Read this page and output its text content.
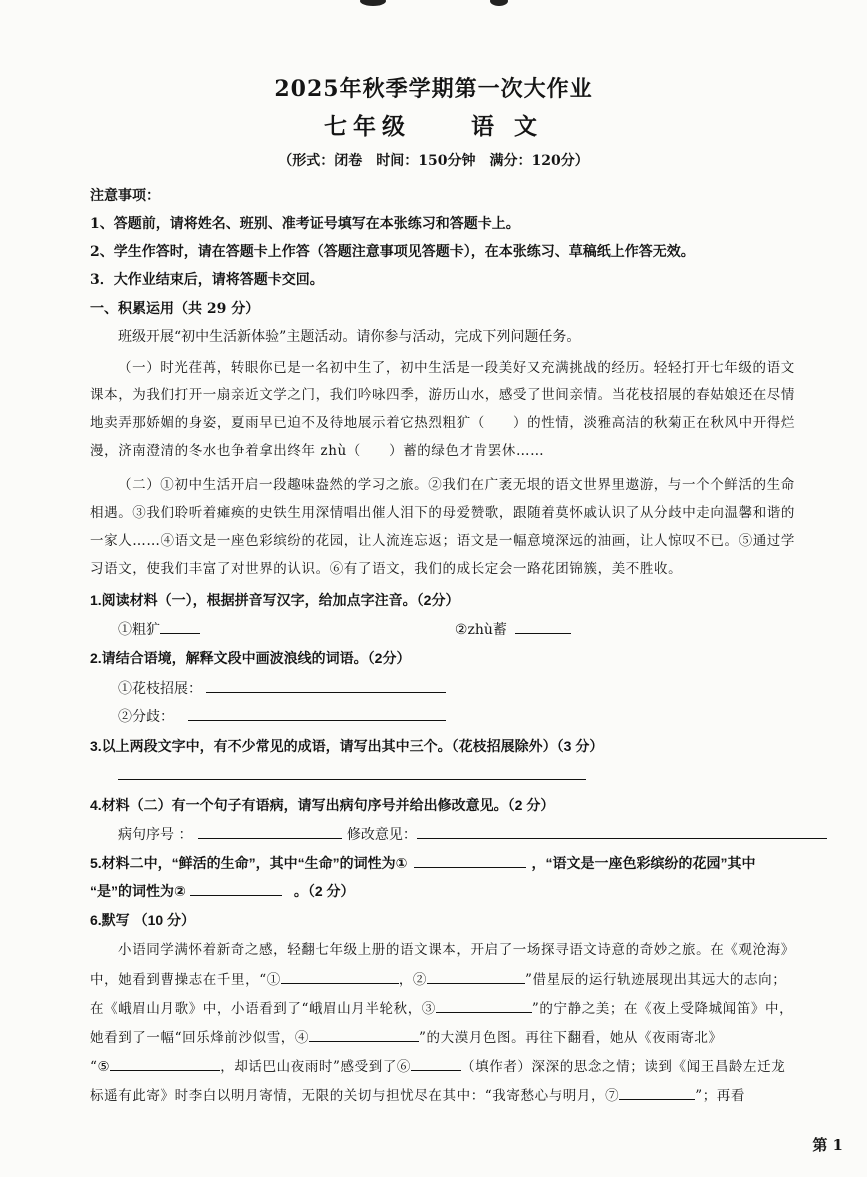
2025年秋季学期第一次大作业
七年级	语 文
（形式：闭卷　时间：150分钟　满分：120分）
注意事项：
1、答题前，请将姓名、班别、准考证号填写在本张练习和答题卡上。
2、学生作答时，请在答题卡上作答（答题注意事项见答题卡），在本张练习、草稿纸上作答无效。
3．大作业结束后，请将答题卡交回。
一、积累运用（共 29 分）
班级开展“初中生活新体验”主题活动。请你参与活动，完成下列问题任务。
（一）时光荏苒，转眼你已是一名初中生了，初中生活是一段美好又充满挑战的经历。轻轻打开七年级的语文
课本，为我们打开一扇亲近文学之门，我们吟咏四季，游历山水，感受了世间亲情。当花枝招展的春姑娘还在尽情
地卖弄那娇媚的身姿，夏雨早已迫不及待地展示着它热烈粗犷（　　）的性情，淡雅高洁的秋菊正在秋风中开得烂
漫，济南澄清的冬水也争着拿出终年 zhù（　　）蓄的绿色才肯罢休……
（二）①初中生活开启一段趣味盎然的学习之旅。②我们在广袤无垠的语文世界里遨游，与一个个鲜活的生命
相遇。③我们聆听着瘫痪的史铁生用深情唱出催人泪下的母爱赞歌，跟随着莫怀戚认识了从分歧中走向温馨和谐的
一家人……④语文是一座色彩缤纷的花园，让人流连忘返；语文是一幅意境深远的油画，让人惊叹不已。⑤通过学
习语文，使我们丰富了对世界的认识。⑥有了语文，我们的成长定会一路花团锦簇，美不胜收。
1.阅读材料（一），根据拼音写汉字，给加点字注音。（2分）
①粗犷	②zhù蓄
2.请结合语境，解释文段中画波浪线的词语。（2分）
①花枝招展：
②分歧：
3.以上两段文字中，有不少常见的成语，请写出其中三个。（花枝招展除外）（3 分）
4.材料（二）有一个句子有语病，请写出病句序号并给出修改意见。（2 分）
病句序号 ：	修改意见：
5.材料二中，“鲜活的生命”，其中“生命”的词性为①	，“语文是一座色彩缤纷的花园”其中
“是”的词性为②	。（2 分）
6.默写 （10 分）
小语同学满怀着新奇之感，轻翻七年级上册的语文课本，开启了一场探寻语文诗意的奇妙之旅。在《观沧海》
中，她看到曹操志在千里，“①	，②	”借星辰的运行轨迹展现出其远大的志向；
在《峨眉山月歌》中，小语看到了“峨眉山月半轮秋，③	”的宁静之美；在《夜上受降城闻笛》中，
她看到了一幅“回乐烽前沙似雪，④	”的大漠月色图。再往下翻看，她从《夜雨寄北》
“⑤	，却话巴山夜雨时”感受到了⑥	（填作者）深深的思念之情；读到《闻王昌龄左迁龙
标遥有此寄》时李白以明月寄情，无限的关切与担忧尽在其中：“我寄愁心与明月，⑦	”；再看
第 1
